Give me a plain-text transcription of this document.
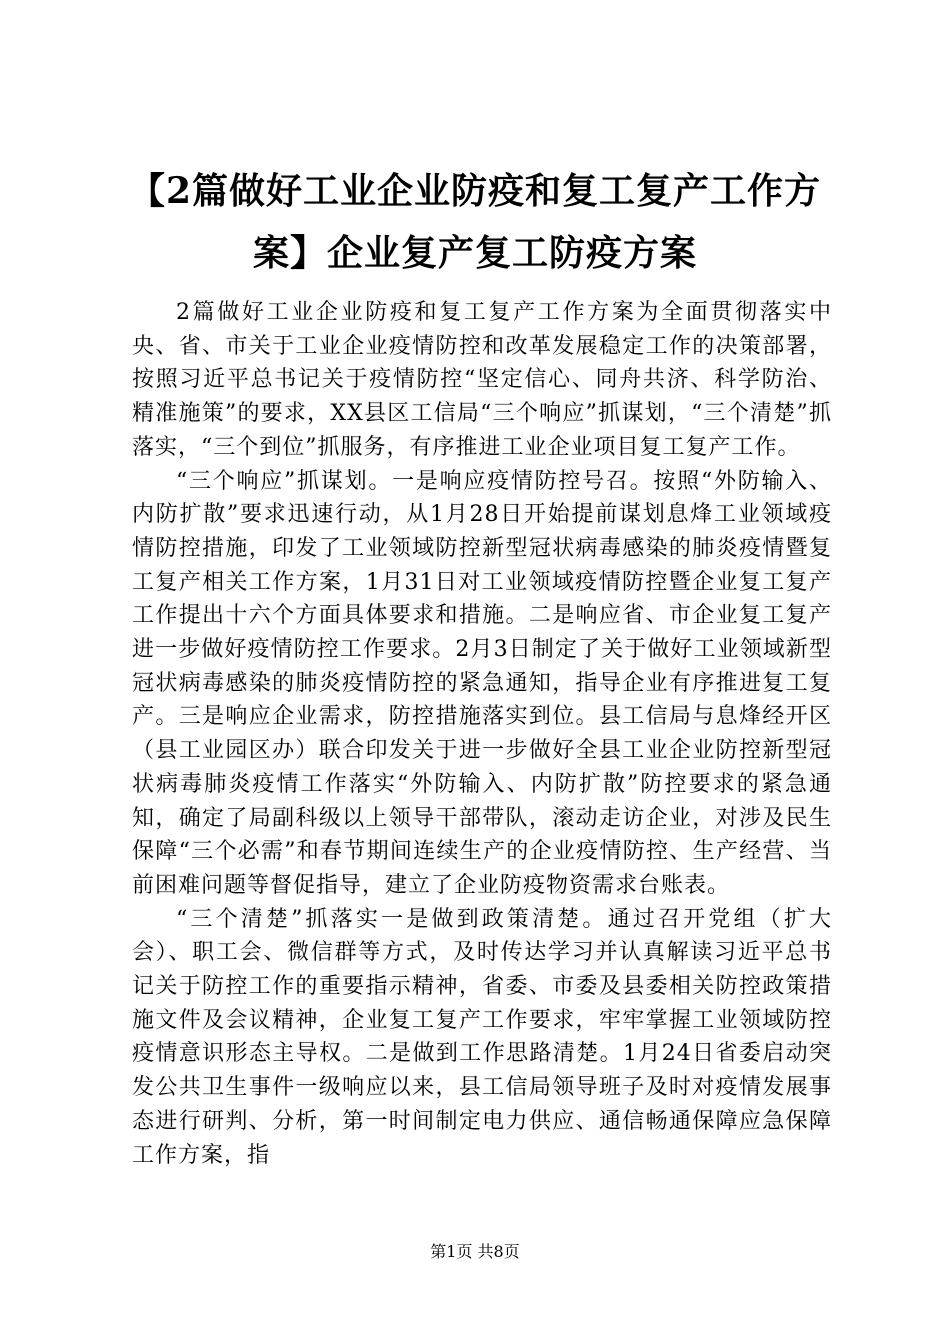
【2篇做好工业企业防疫和复工复产工作方
案】企业复产复工防疫方案

2篇做好工业企业防疫和复工复产工作方案为全面贯彻落实中央、省、市关于工业企业疫情防控和改革发展稳定工作的决策部署，按照习近平总书记关于疫情防控“坚定信心、同舟共济、科学防治、精准施策”的要求，XX县区工信局“三个响应”抓谋划，“三个清楚”抓落实，“三个到位”抓服务，有序推进工业企业项目复工复产工作。

“三个响应”抓谋划。一是响应疫情防控号召。按照“外防输入、内防扩散”要求迅速行动，从1月28日开始提前谋划息烽工业领域疫情防控措施，印发了工业领域防控新型冠状病毒感染的肺炎疫情暨复工复产相关工作方案，1月31日对工业领域疫情防控暨企业复工复产工作提出十六个方面具体要求和措施。二是响应省、市企业复工复产进一步做好疫情防控工作要求。2月3日制定了关于做好工业领域新型冠状病毒感染的肺炎疫情防控的紧急通知，指导企业有序推进复工复产。三是响应企业需求，防控措施落实到位。县工信局与息烽经开区（县工业园区办）联合印发关于进一步做好全县工业企业防控新型冠状病毒肺炎疫情工作落实“外防输入、内防扩散”防控要求的紧急通知，确定了局副科级以上领导干部带队，滚动走访企业，对涉及民生保障“三个必需”和春节期间连续生产的企业疫情防控、生产经营、当前困难问题等督促指导，建立了企业防疫物资需求台账表。

“三个清楚”抓落实一是做到政策清楚。通过召开党组（扩大会）、职工会、微信群等方式，及时传达学习并认真解读习近平总书记关于防控工作的重要指示精神，省委、市委及县委相关防控政策措施文件及会议精神，企业复工复产工作要求，牢牢掌握工业领域防控疫情意识形态主导权。二是做到工作思路清楚。1月24日省委启动突发公共卫生事件一级响应以来，县工信局领导班子及时对疫情发展事态进行研判、分析，第一时间制定电力供应、通信畅通保障应急保障工作方案，指

第1页 共8页
